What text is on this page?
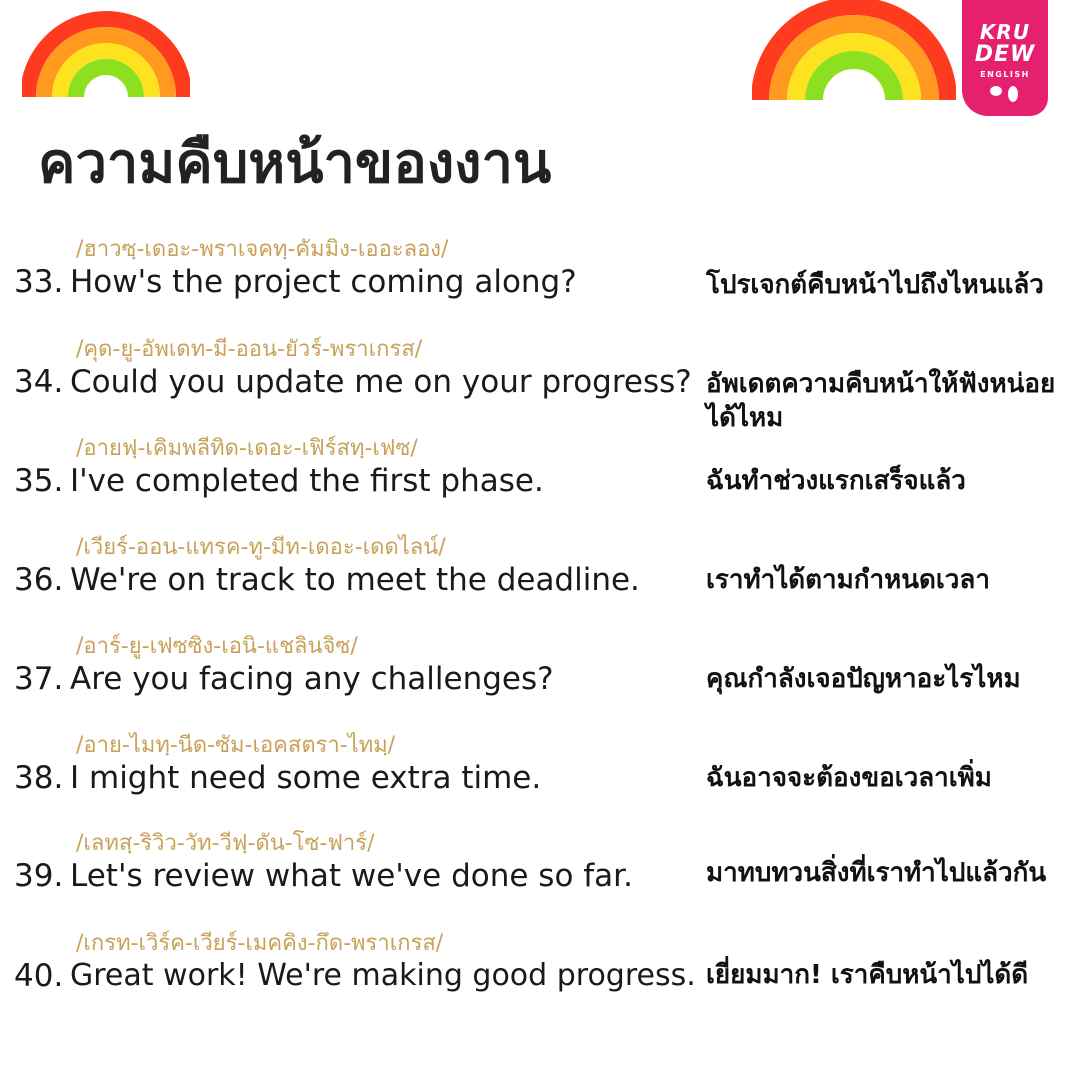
KRU
DEW
ENGLISH
ความคืบหน้าของงาน
/ฮาวซฺ-เดอะ-พราเจคทฺ-คัมมิง-เออะลอง/
33. How's the project coming along?	โปรเจกต์คืบหน้าไปถึงไหนแล้ว
/คุด-ยู-อัพเดท-มี-ออน-ยัวร์-พราเกรส/
34. Could you update me on your progress? อัพเดตความคืบหน้าให้ฟังหน่อยได้ไหม
/อายฟฺ-เคิมพลีทิด-เดอะ-เฟิร์สทฺ-เฟซ/
35. I've completed the first phase.	ฉันทำช่วงแรกเสร็จแล้ว
/เวียร์-ออน-แทรค-ทู-มีท-เดอะ-เดดไลน์/
36. We're on track to meet the deadline.	เราทำได้ตามกำหนดเวลา
/อาร์-ยู-เฟซซิง-เอนิ-แชลินจิซ/
37. Are you facing any challenges?	คุณกำลังเจอปัญหาอะไรไหม
/อาย-ไมทฺ-นีด-ซัม-เอคสตรา-ไทมฺ/
38. I might need some extra time.	ฉันอาจจะต้องขอเวลาเพิ่ม
/เลทสฺ-ริวิว-วัท-วีฟฺ-ดัน-โซ-ฟาร์/
39. Let's review what we've done so far.	มาทบทวนสิ่งที่เราทำไปแล้วกัน
/เกรท-เวิร์ค-เวียร์-เมคคิง-กึด-พราเกรส/
40. Great work! We're making good progress. เยี่ยมมาก! เราคืบหน้าไปได้ดี
